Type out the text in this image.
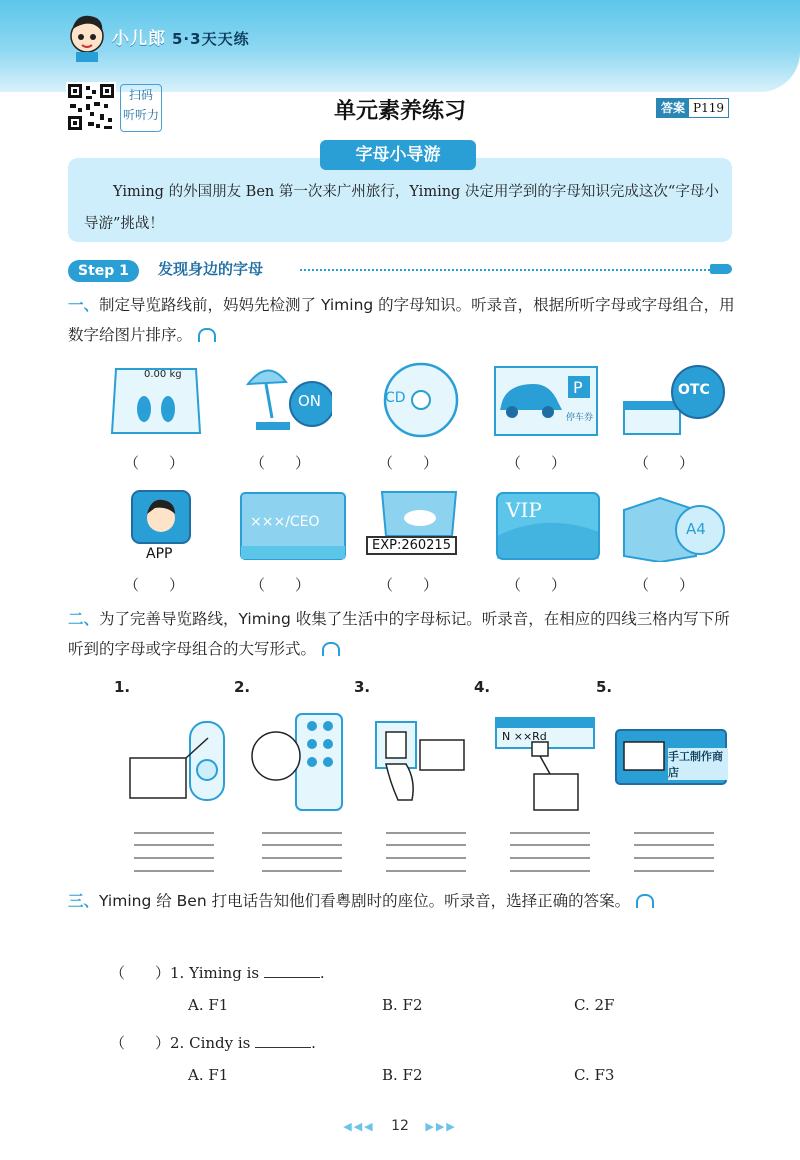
小儿郎 5·3天天练
扫码
听听力	单元素养练习	答案 P119
字母小导游
Yiming 的外国朋友 Ben 第一次来广州旅行，Yiming 决定用学到的字母知识完成这次“字母小导游”挑战！
Step 1	发现身边的字母
一、制定导览路线前，妈妈先检测了 Yiming 的字母知识。听录音，根据所听字母或字母组合，用数字给图片排序。
0.00 kg
ON	CD
P
停车券
OTC
（　　）	（　　）	（　　）	（　　）	（　　）
APP
×××/CEO
EXP:260215
VIP
A4
（　　）	（　　）	（　　）	（　　）	（　　）
二、为了完善导览路线，Yiming 收集了生活中的字母标记。听录音，在相应的四线三格内写下所听到的字母或字母组合的大写形式。
1.	2.	3.	4.	5.
N ××Rd
手工制作商店
三、Yiming 给 Ben 打电话告知他们看粤剧时的座位。听录音，选择正确的答案。
（　　）1. Yiming is	.
A. F1	B. F2	C. 2F
（　　）2. Cindy is	.
A. F1	B. F2	C. F3
◀◀◀ 12 ▶▶▶
